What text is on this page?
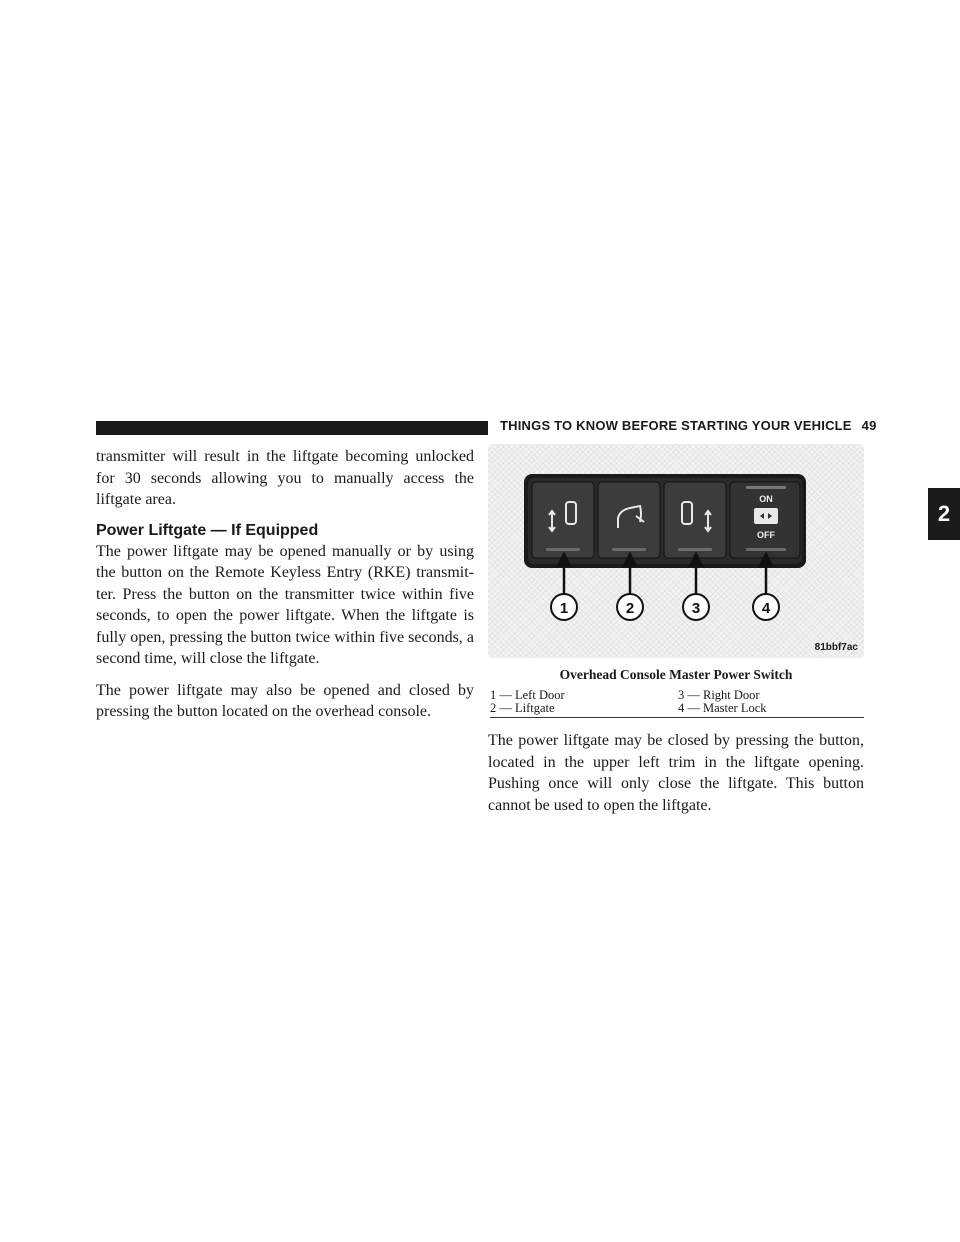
THINGS TO KNOW BEFORE STARTING YOUR VEHICLE 49
2

transmitter will result in the liftgate becoming unlocked for 30 seconds allowing you to manually access the liftgate area.

Power Liftgate — If Equipped

The power liftgate may be opened manually or by using the button on the Remote Keyless Entry (RKE) transmitter. Press the button on the transmitter twice within five seconds, to open the power liftgate. When the liftgate is fully open, pressing the button twice within five seconds, a second time, will close the liftgate.

The power liftgate may also be opened and closed by pressing the button located on the overhead console.

ON
OFF
1	2	3	4
81bbf7ac
Overhead Console Master Power Switch
1 — Left Door	3 — Right Door
2 — Liftgate	4 — Master Lock

The power liftgate may be closed by pressing the button, located in the upper left trim in the liftgate opening. Pushing once will only close the liftgate. This button cannot be used to open the liftgate.
